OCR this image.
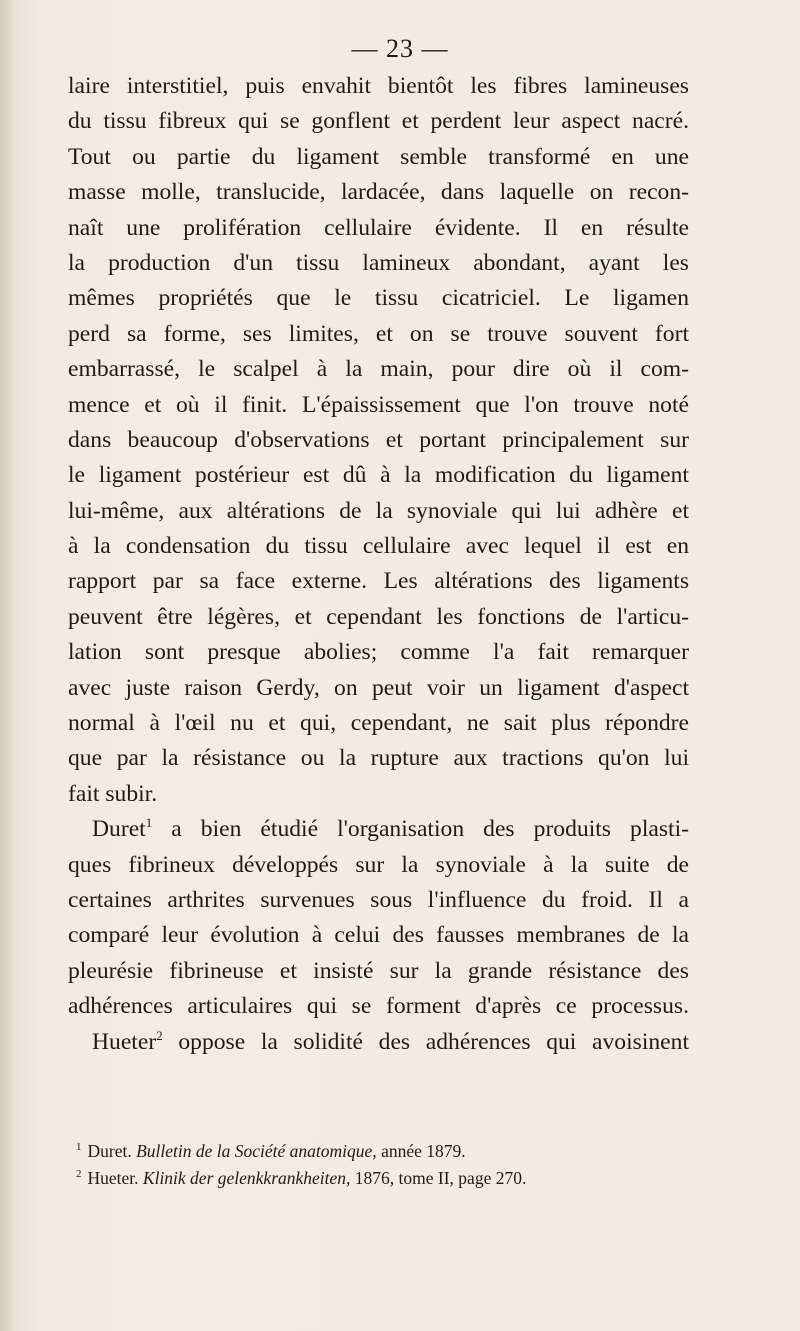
— 23 —
laire interstitiel, puis envahit bientôt les fibres lamineuses
du tissu fibreux qui se gonflent et perdent leur aspect nacré.
Tout ou partie du ligament semble transformé en une
masse molle, translucide, lardacée, dans laquelle on recon-
naît une prolifération cellulaire évidente. Il en résulte
la production d'un tissu lamineux abondant, ayant les
mêmes propriétés que le tissu cicatriciel. Le ligamen
perd sa forme, ses limites, et on se trouve souvent fort
embarrassé, le scalpel à la main, pour dire où il com-
mence et où il finit. L'épaississement que l'on trouve noté
dans beaucoup d'observations et portant principalement sur
le ligament postérieur est dû à la modification du ligament
lui-même, aux altérations de la synoviale qui lui adhère et
à la condensation du tissu cellulaire avec lequel il est en
rapport par sa face externe. Les altérations des ligaments
peuvent être légères, et cependant les fonctions de l'articu-
lation sont presque abolies; comme l'a fait remarquer
avec juste raison Gerdy, on peut voir un ligament d'aspect
normal à l'œil nu et qui, cependant, ne sait plus répondre
que par la résistance ou la rupture aux tractions qu'on lui
fait subir.
Duret$^1$ a bien étudié l'organisation des produits plasti-
ques fibrineux développés sur la synoviale à la suite de
certaines arthrites survenues sous l'influence du froid. Il a
comparé leur évolution à celui des fausses membranes de la
pleurésie fibrineuse et insisté sur la grande résistance des
adhérences articulaires qui se forment d'après ce processus.
Hueter$^2$ oppose la solidité des adhérences qui avoisinent
$^1$ Duret. Bulletin de la Société anatomique, année 1879.
$^2$ Hueter. Klinik der gelenkkrankheiten, 1876, tome II, page 270.
